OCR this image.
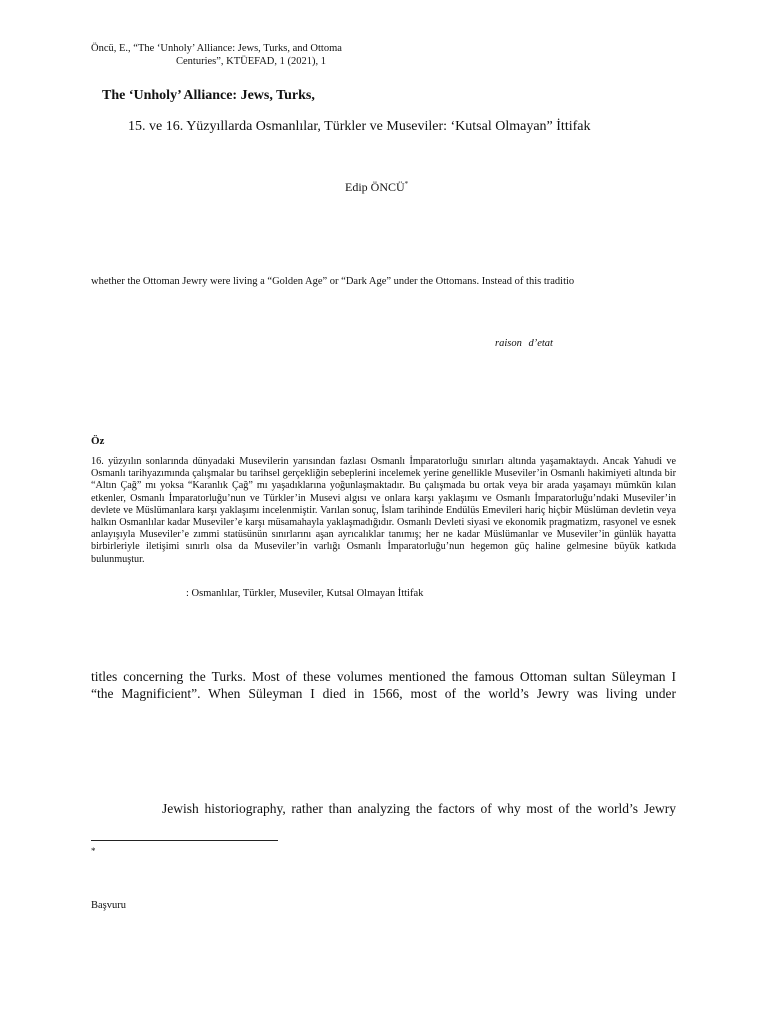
Öncü, E., “The ‘Unholy’ Alliance: Jews, Turks, and Ottoma

Centuries”, KTÜEFAD, 1 (2021), 1

The ‘Unholy’ Alliance: Jews, Turks,

15. ve 16. Yüzyıllarda Osmanlılar, Türkler ve Museviler: ‘Kutsal Olmayan” İttifak

Edip ÖNCÜ*

whether the Ottoman Jewry were living a “Golden Age” or “Dark Age” under the Ottomans. Instead of this traditio

raison d’etat

Öz

16. yüzyılın sonlarında dünyadaki Musevilerin yarısından fazlası Osmanlı İmparatorluğu sınırları altında yaşamaktaydı. Ancak Yahudi ve Osmanlı tarihyazımında çalışmalar bu tarihsel gerçekliğin sebeplerini incelemek yerine genellikle Museviler’in Osmanlı hakimiyeti altında bir “Altın Çağ” mı yoksa “Karanlık Çağ” mı yaşadıklarına yoğunlaşmaktadır. Bu çalışmada bu ortak veya bir arada yaşamayı mümkün kılan etkenler, Osmanlı İmparatorluğu’nun ve Türkler’in Musevi algısı ve onlara karşı yaklaşımı ve Osmanlı İmparatorluğu’ndaki Museviler’in devlete ve Müslümanlara karşı yaklaşımı incelenmiştir. Varılan sonuç, İslam tarihinde Endülüs Emevileri hariç hiçbir Müslüman devletin veya halkın Osmanlılar kadar Museviler’e karşı müsamahayla yaklaşmadığıdır. Osmanlı Devleti siyasi ve ekonomik pragmatizm, rasyonel ve esnek anlayışıyla Museviler’e zımmi statüsünün sınırlarını aşan ayrıcalıklar tanımış; her ne kadar Müslümanlar ve Museviler’in günlük hayatta birbirleriyle iletişimi sınırlı olsa da Museviler’in varlığı Osmanlı İmparatorluğu’nun hegemon güç haline gelmesine büyük katkıda bulunmuştur.

: Osmanlılar, Türkler, Museviler, Kutsal Olmayan İttifak

titles concerning the Turks. Most of these volumes mentioned the famous Ottoman sultan Süleyman I

“the Magnificient”. When Süleyman I died in 1566, most of the world’s Jewry was living under

Jewish historiography, rather than analyzing the factors of why most of the world’s Jewry

*

Başvuru
